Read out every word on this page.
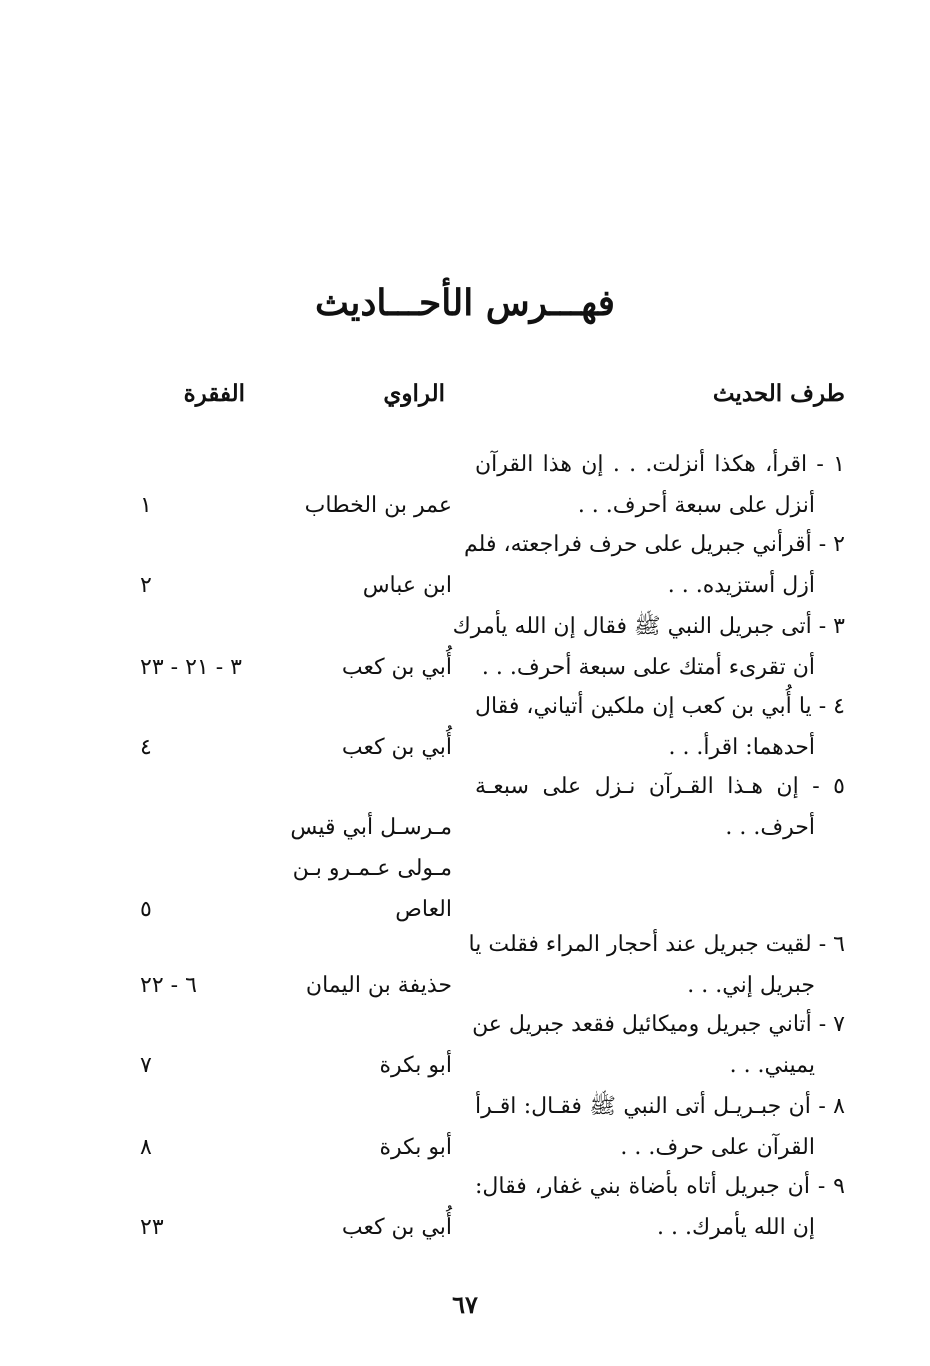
فهـــرس الأحـــاديث
طرف الحديث
الراوي
الفقرة
١ - اقرأ، هكذا أنزلت. . . إن هذا القرآن
أنزل على سبعة أحرف. . .
عمر بن الخطاب
١
٢ - أقرأني جبريل على حرف فراجعته، فلم
أزل أستزيده. . .
ابن عباس
٢
٣ - أتى جبريل النبي ﷺ فقال إن الله يأمرك
أن تقرىء أمتك على سبعة أحرف. . .
أُبي بن كعب
٣ - ٢١ - ٢٣
٤ - يا أُبي بن كعب إن ملكين أتياني، فقال
أحدهما: اقرأ. . .
أُبي بن كعب
٤
٥ - إن هـذا القـرآن نـزل على سبعـة
أحرف. . .
مـرسـل أبي قيس
مـولى عـمـرو بـن
العاص
٥
٦ - لقيت جبريل عند أحجار المراء فقلت يا
جبريل إني. . .
حذيفة بن اليمان
٦ - ٢٢
٧ - أتاني جبريل وميكائيل فقعد جبريل عن
يميني. . .
أبو بكرة
٧
٨ - أن جبـريـل أتى النبي ﷺ فقـال: اقـرأ
القرآن على حرف. . .
أبو بكرة
٨
٩ - أن جبريل أتاه بأضاة بني غفار، فقال:
إن الله يأمرك. . .
أُبي بن كعب
٢٣
٦٧
